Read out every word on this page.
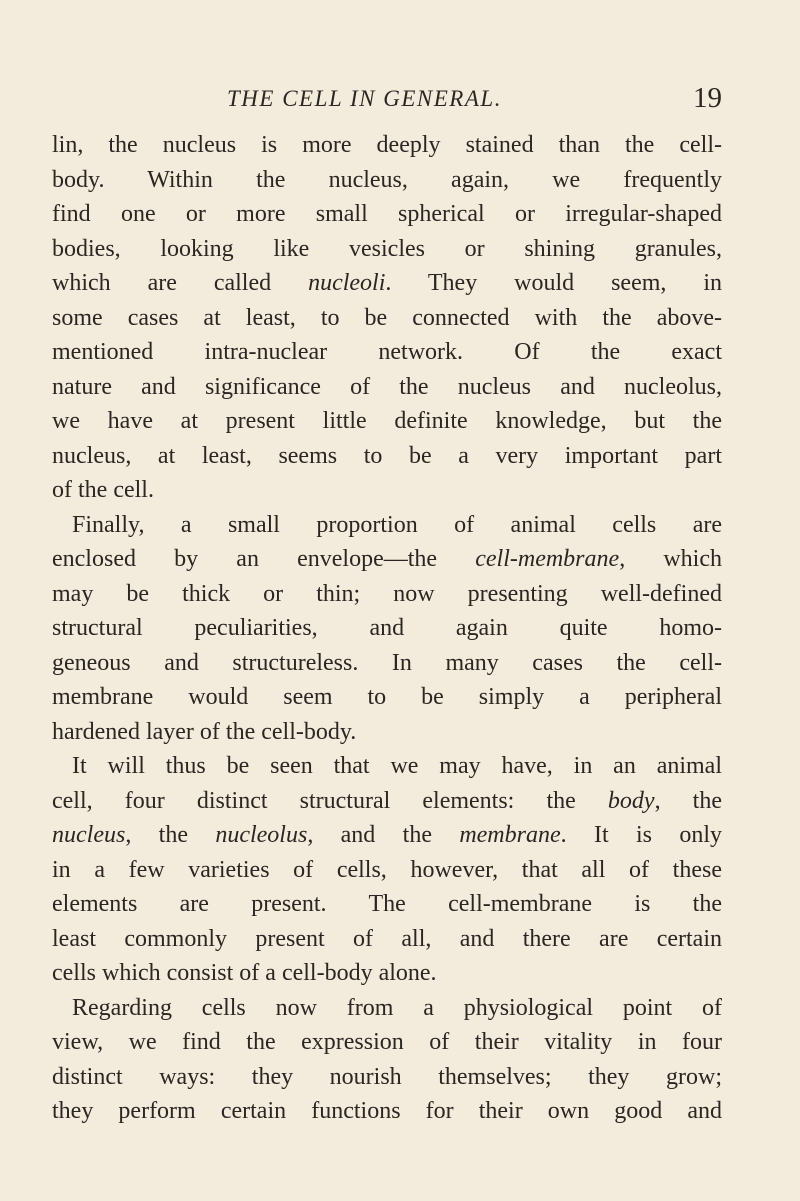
THE CELL IN GENERAL.	19
lin, the nucleus is more deeply stained than the cell-
body. Within the nucleus, again, we frequently
find one or more small spherical or irregular-shaped
bodies, looking like vesicles or shining granules,
which are called nucleoli. They would seem, in
some cases at least, to be connected with the above-
mentioned intra-nuclear network. Of the exact
nature and significance of the nucleus and nucleolus,
we have at present little definite knowledge, but the
nucleus, at least, seems to be a very important part
of the cell.
Finally, a small proportion of animal cells are
enclosed by an envelope—the cell-membrane, which
may be thick or thin; now presenting well-defined
structural peculiarities, and again quite homo-
geneous and structureless. In many cases the cell-
membrane would seem to be simply a peripheral
hardened layer of the cell-body.
It will thus be seen that we may have, in an animal
cell, four distinct structural elements: the body, the
nucleus, the nucleolus, and the membrane. It is only
in a few varieties of cells, however, that all of these
elements are present. The cell-membrane is the
least commonly present of all, and there are certain
cells which consist of a cell-body alone.
Regarding cells now from a physiological point of
view, we find the expression of their vitality in four
distinct ways: they nourish themselves; they grow;
they perform certain functions for their own good and
